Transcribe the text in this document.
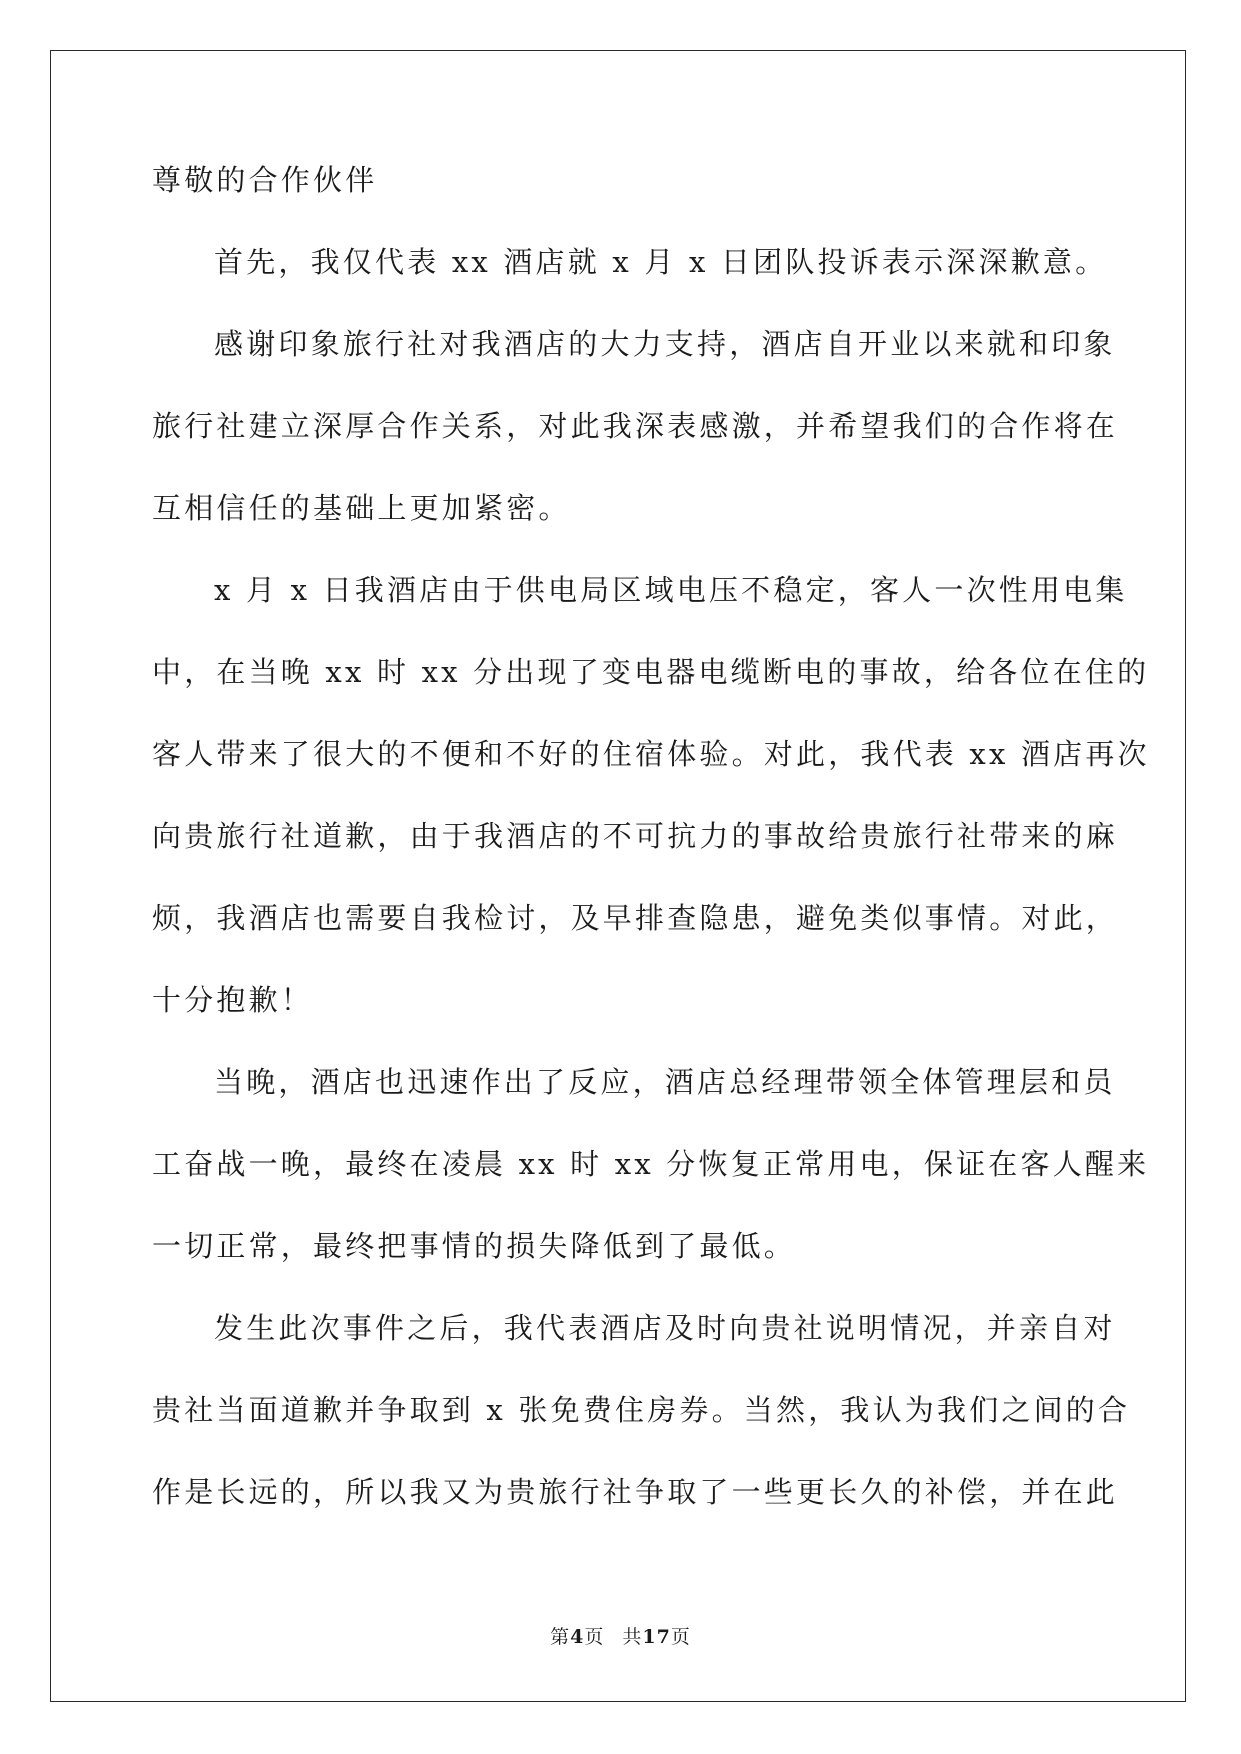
尊敬的合作伙伴
首先，我仅代表 xx 酒店就 x 月 x 日团队投诉表示深深歉意。
感谢印象旅行社对我酒店的大力支持，酒店自开业以来就和印象
旅行社建立深厚合作关系，对此我深表感激，并希望我们的合作将在
互相信任的基础上更加紧密。
x 月 x 日我酒店由于供电局区域电压不稳定，客人一次性用电集
中，在当晚 xx 时 xx 分出现了变电器电缆断电的事故，给各位在住的
客人带来了很大的不便和不好的住宿体验。对此，我代表 xx 酒店再次
向贵旅行社道歉，由于我酒店的不可抗力的事故给贵旅行社带来的麻
烦，我酒店也需要自我检讨，及早排查隐患，避免类似事情。对此，
十分抱歉！
当晚，酒店也迅速作出了反应，酒店总经理带领全体管理层和员
工奋战一晚，最终在凌晨 xx 时 xx 分恢复正常用电，保证在客人醒来
一切正常，最终把事情的损失降低到了最低。
发生此次事件之后，我代表酒店及时向贵社说明情况，并亲自对
贵社当面道歉并争取到 x 张免费住房券。当然，我认为我们之间的合
作是长远的，所以我又为贵旅行社争取了一些更长久的补偿，并在此
第4页 共17页
